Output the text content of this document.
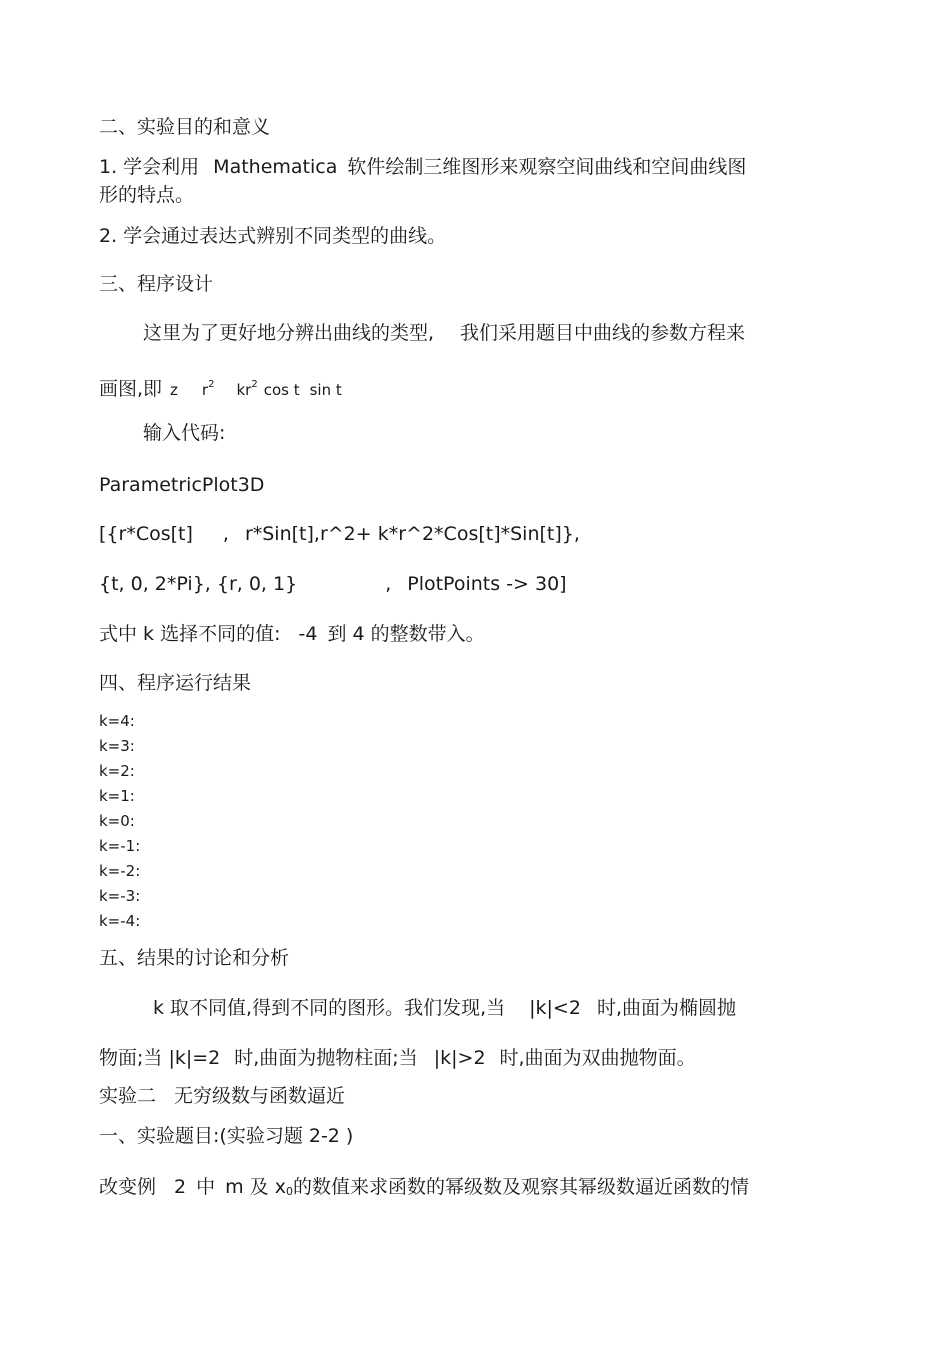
二、实验目的和意义
1. 学会利用 Mathematica 软件绘制三维图形来观察空间曲线和空间曲线图
形的特点。
2. 学会通过表达式辨别不同类型的曲线。
三、程序设计
这里为了更好地分辨出曲线的类型, 我们采用题目中曲线的参数方程来
画图,即 z $r^2$ $kr^2$ cos t sin t
输入代码:
ParametricPlot3D
[{r*Cos[t] , r*Sin[t],r^2+ k*r^2*Cos[t]*Sin[t]},
{t, 0, 2*Pi}, {r, 0, 1}	, PlotPoints -> 30]
式中 k 选择不同的值: -4 到 4 的整数带入。
四、程序运行结果
k=4:
k=3:
k=2:
k=1:
k=0:
k=-1:
k=-2:
k=-3:
k=-4:
五、结果的讨论和分析
k 取不同值,得到不同的图形。我们发现,当 |k|<2 时,曲面为椭圆抛
物面;当 |k|=2 时,曲面为抛物柱面;当 |k|>2 时,曲面为双曲抛物面。
实验二 无穷级数与函数逼近
一、实验题目:(实验习题 2-2 )
改变例 2 中 m 及 $x_0$的数值来求函数的幂级数及观察其幂级数逼近函数的情
